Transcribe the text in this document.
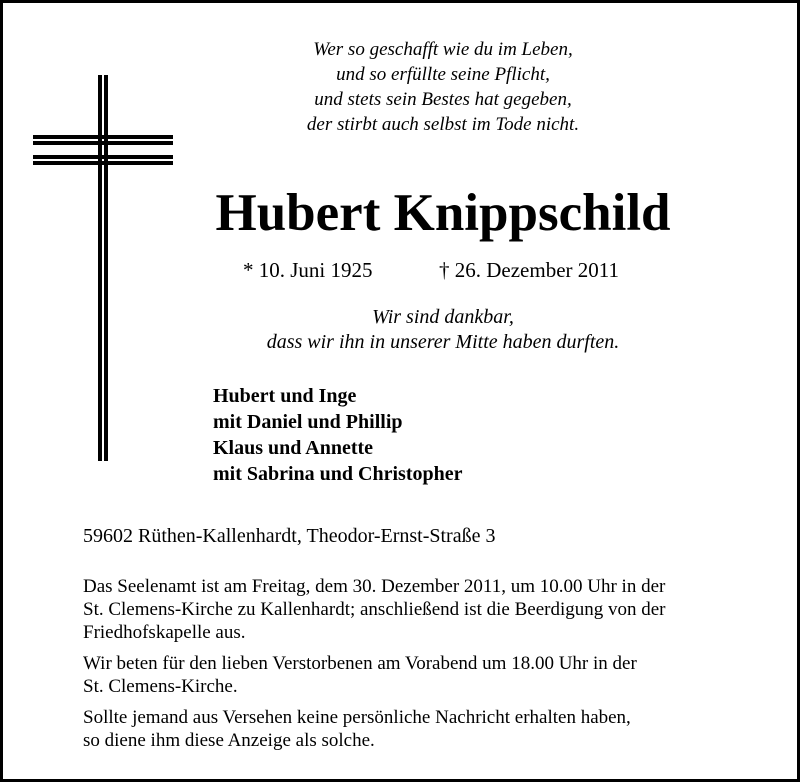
Wer so geschafft wie du im Leben,
und so erfüllte seine Pflicht,
und stets sein Bestes hat gegeben,
der stirbt auch selbst im Tode nicht.
Hubert Knippschild
* 10. Juni 1925	† 26. Dezember 2011
Wir sind dankbar,
dass wir ihn in unserer Mitte haben durften.
Hubert und Inge
mit Daniel und Phillip
Klaus und Annette
mit Sabrina und Christopher
59602 Rüthen-Kallenhardt, Theodor-Ernst-Straße 3

Das Seelenamt ist am Freitag, dem 30. Dezember 2011, um 10.00 Uhr in der
St. Clemens-Kirche zu Kallenhardt; anschließend ist die Beerdigung von der
Friedhofskapelle aus.

Wir beten für den lieben Verstorbenen am Vorabend um 18.00 Uhr in der
St. Clemens-Kirche.

Sollte jemand aus Versehen keine persönliche Nachricht erhalten haben,
so diene ihm diese Anzeige als solche.
